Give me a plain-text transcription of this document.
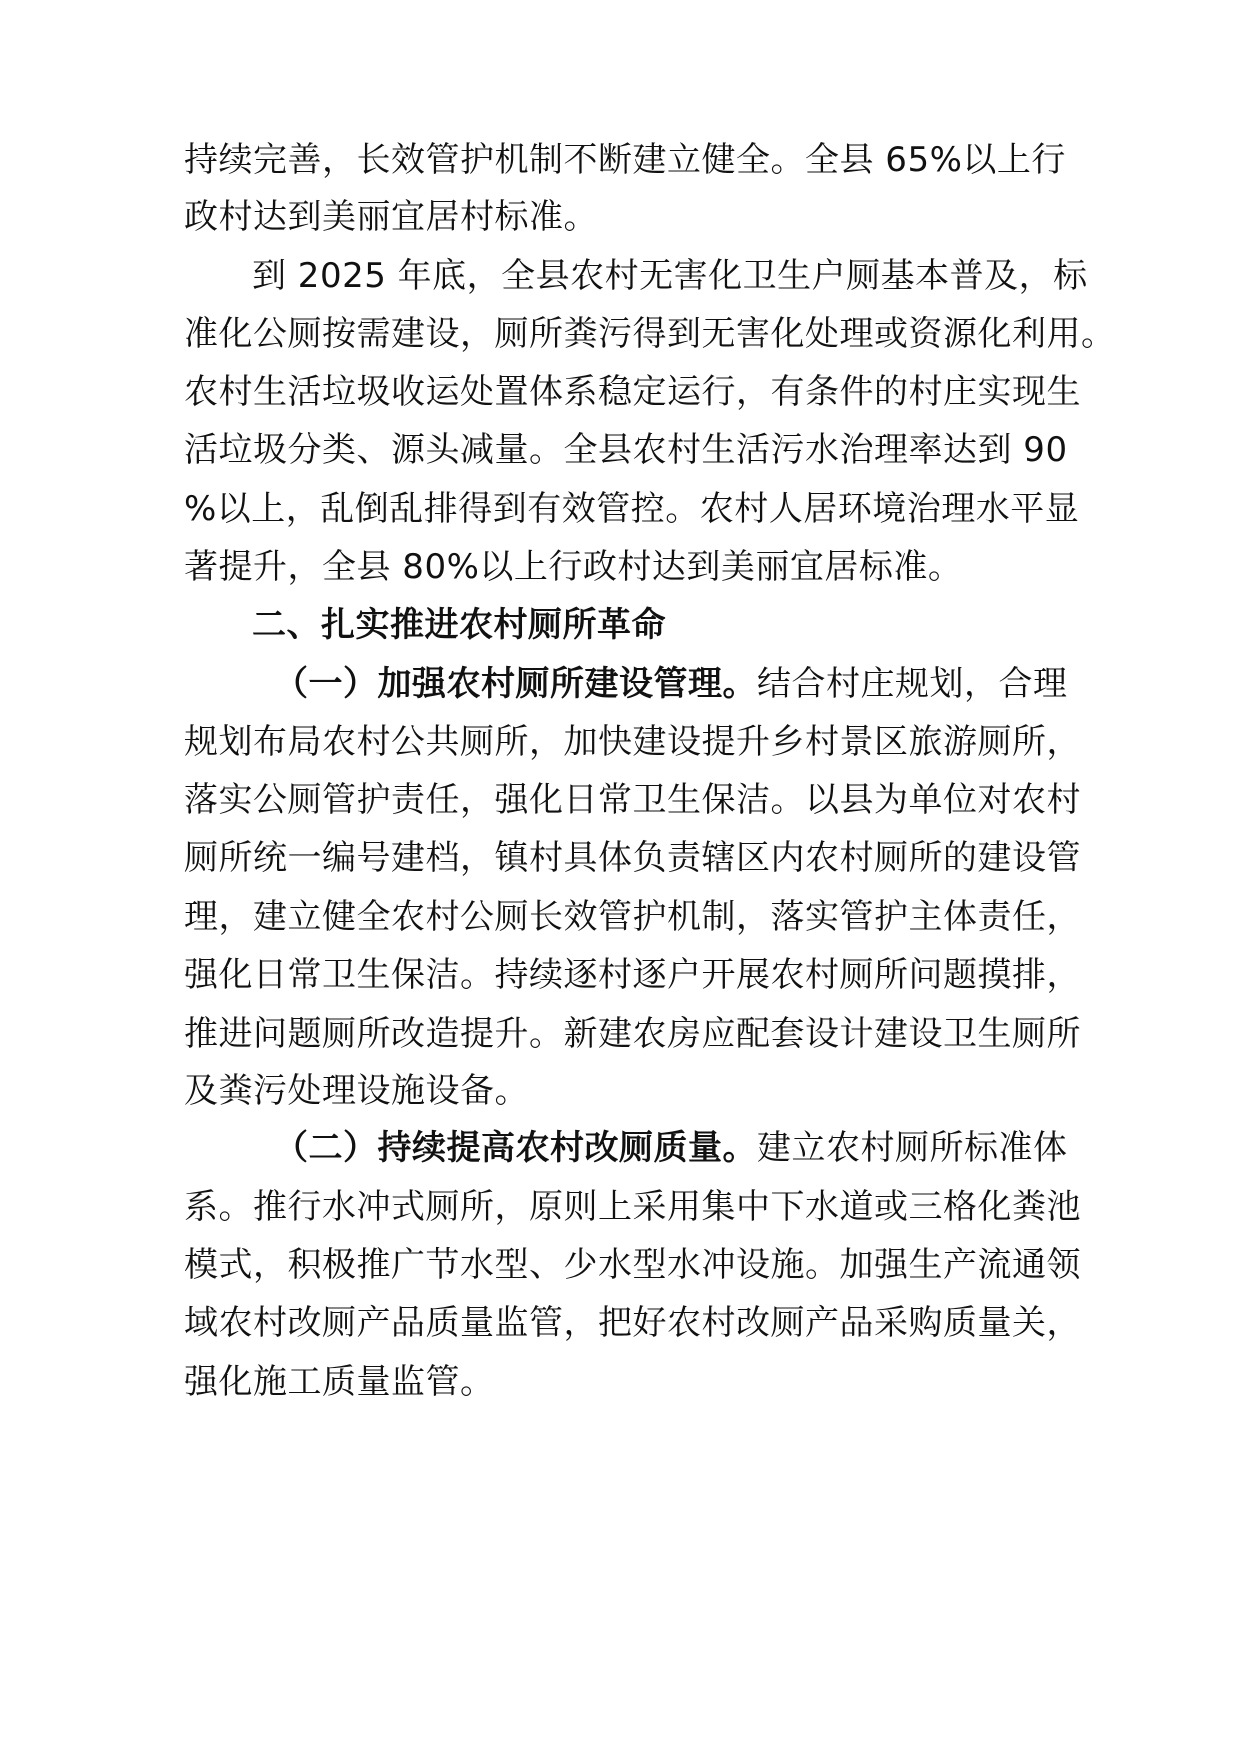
持续完善，长效管护机制不断建立健全。全县 65%以上行
政村达到美丽宜居村标准。
到 2025 年底，全县农村无害化卫生户厕基本普及，标
准化公厕按需建设，厕所粪污得到无害化处理或资源化利用。
农村生活垃圾收运处置体系稳定运行，有条件的村庄实现生
活垃圾分类、源头减量。全县农村生活污水治理率达到 90
%以上，乱倒乱排得到有效管控。农村人居环境治理水平显
著提升，全县 80%以上行政村达到美丽宜居标准。
二、扎实推进农村厕所革命
（一）加强农村厕所建设管理。结合村庄规划，合理
规划布局农村公共厕所，加快建设提升乡村景区旅游厕所，
落实公厕管护责任，强化日常卫生保洁。以县为单位对农村
厕所统一编号建档，镇村具体负责辖区内农村厕所的建设管
理，建立健全农村公厕长效管护机制，落实管护主体责任，
强化日常卫生保洁。持续逐村逐户开展农村厕所问题摸排，
推进问题厕所改造提升。新建农房应配套设计建设卫生厕所
及粪污处理设施设备。
（二）持续提高农村改厕质量。建立农村厕所标准体
系。推行水冲式厕所，原则上采用集中下水道或三格化粪池
模式，积极推广节水型、少水型水冲设施。加强生产流通领
域农村改厕产品质量监管，把好农村改厕产品采购质量关，
强化施工质量监管。
